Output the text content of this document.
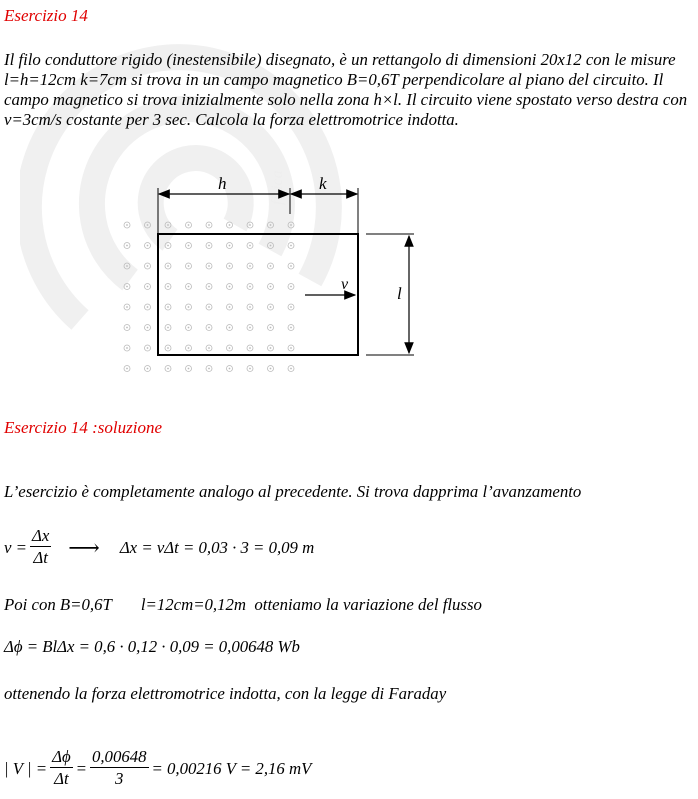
fisica
Esercizio 14

Il filo conduttore rigido (inestensibile) disegnato, è un rettangolo di dimensioni 20x12 con le misure l=h=12cm k=7cm si trova in un campo magnetico B=0,6T perpendicolare al piano del circuito. Il campo magnetico si trova inizialmente solo nella zona h×l. Il circuito viene spostato verso destra con v=3cm/s costante per 3 sec. Calcola la forza elettromotrice indotta.

h	k
l
v
Esercizio 14 :soluzione
L’esercizio è completamente analogo al precedente. Si trova dapprima l’avanzamento
$v = \frac{\Delta x}{\Delta t}$ ⟶ Δx = vΔt = 0,03 · 3 = 0,09 m
Poi con B=0,6T       l=12cm=0,12m  otteniamo la variazione del flusso
Δϕ = BlΔx = 0,6 · 0,12 · 0,09 = 0,00648 Wb
ottenendo la forza elettromotrice indotta, con la legge di Faraday
| V | = $\frac{\Delta\phi}{\Delta t} = \frac{0,00648}{3} = 0,00216$ V = 2,16 mV
